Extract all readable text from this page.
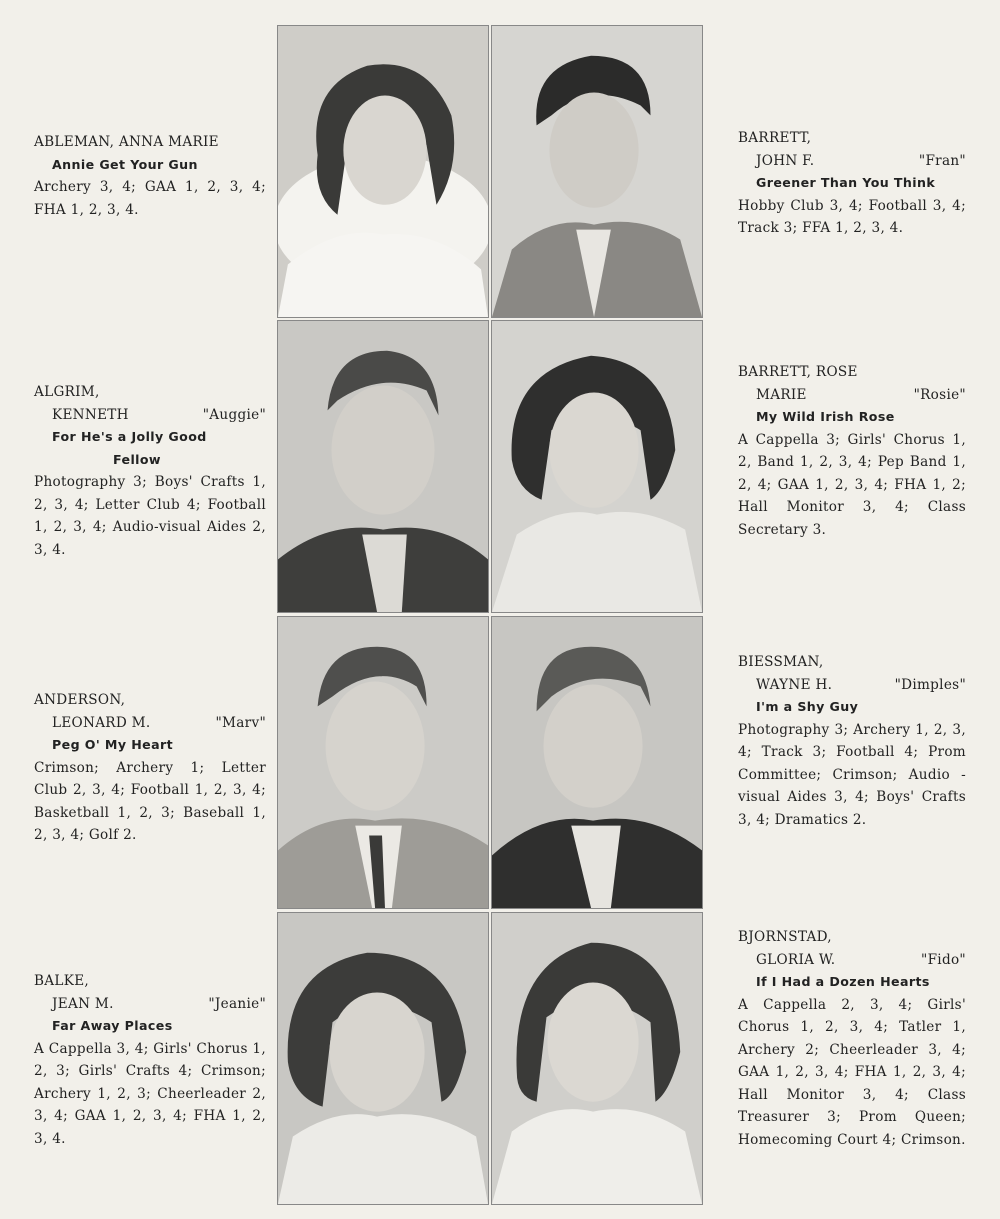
ABLEMAN, ANNA MARIE
Annie Get Your Gun
Archery 3, 4; GAA 1, 2, 3, 4; FHA 1, 2, 3, 4.
ALGRIM,
KENNETH	"Auggie"
For He's a Jolly Good
Fellow
Photography 3; Boys' Crafts 1, 2, 3, 4; Letter Club 4; Football 1, 2, 3, 4; Audio-visual Aides 2, 3, 4.
ANDERSON,
LEONARD M.	"Marv"
Peg O' My Heart
Crimson; Archery 1; Letter Club 2, 3, 4; Football 1, 2, 3, 4; Basketball 1, 2, 3; Baseball 1, 2, 3, 4; Golf 2.
BALKE,
JEAN M.	"Jeanie"
Far Away Places
A Cappella 3, 4; Girls' Chorus 1, 2, 3; Girls' Crafts 4; Crimson; Archery 1, 2, 3; Cheerleader 2, 3, 4; GAA 1, 2, 3, 4; FHA 1, 2, 3, 4.
BARRETT,
JOHN F.	"Fran"
Greener Than You Think
Hobby Club 3, 4; Football 3, 4; Track 3; FFA 1, 2, 3, 4.
BARRETT, ROSE
MARIE	"Rosie"
My Wild Irish Rose
A Cappella 3; Girls' Chorus 1, 2, Band 1, 2, 3, 4; Pep Band 1, 2, 4; GAA 1, 2, 3, 4; FHA 1, 2; Hall Monitor 3, 4; Class Secretary 3.
BIESSMAN,
WAYNE H.	"Dimples"
I'm a Shy Guy
Photography 3; Archery 1, 2, 3, 4; Track 3; Football 4; Prom Committee; Crimson; Audio - visual Aides 3, 4; Boys' Crafts 3, 4; Dramatics 2.
BJORNSTAD,
GLORIA W.	"Fido"
If I Had a Dozen Hearts
A Cappella 2, 3, 4; Girls' Chorus 1, 2, 3, 4; Tatler 1, Archery 2; Cheerleader 3, 4; GAA 1, 2, 3, 4; FHA 1, 2, 3, 4; Hall Monitor 3, 4; Class Treasurer 3; Prom Queen; Homecoming Court 4; Crimson.
